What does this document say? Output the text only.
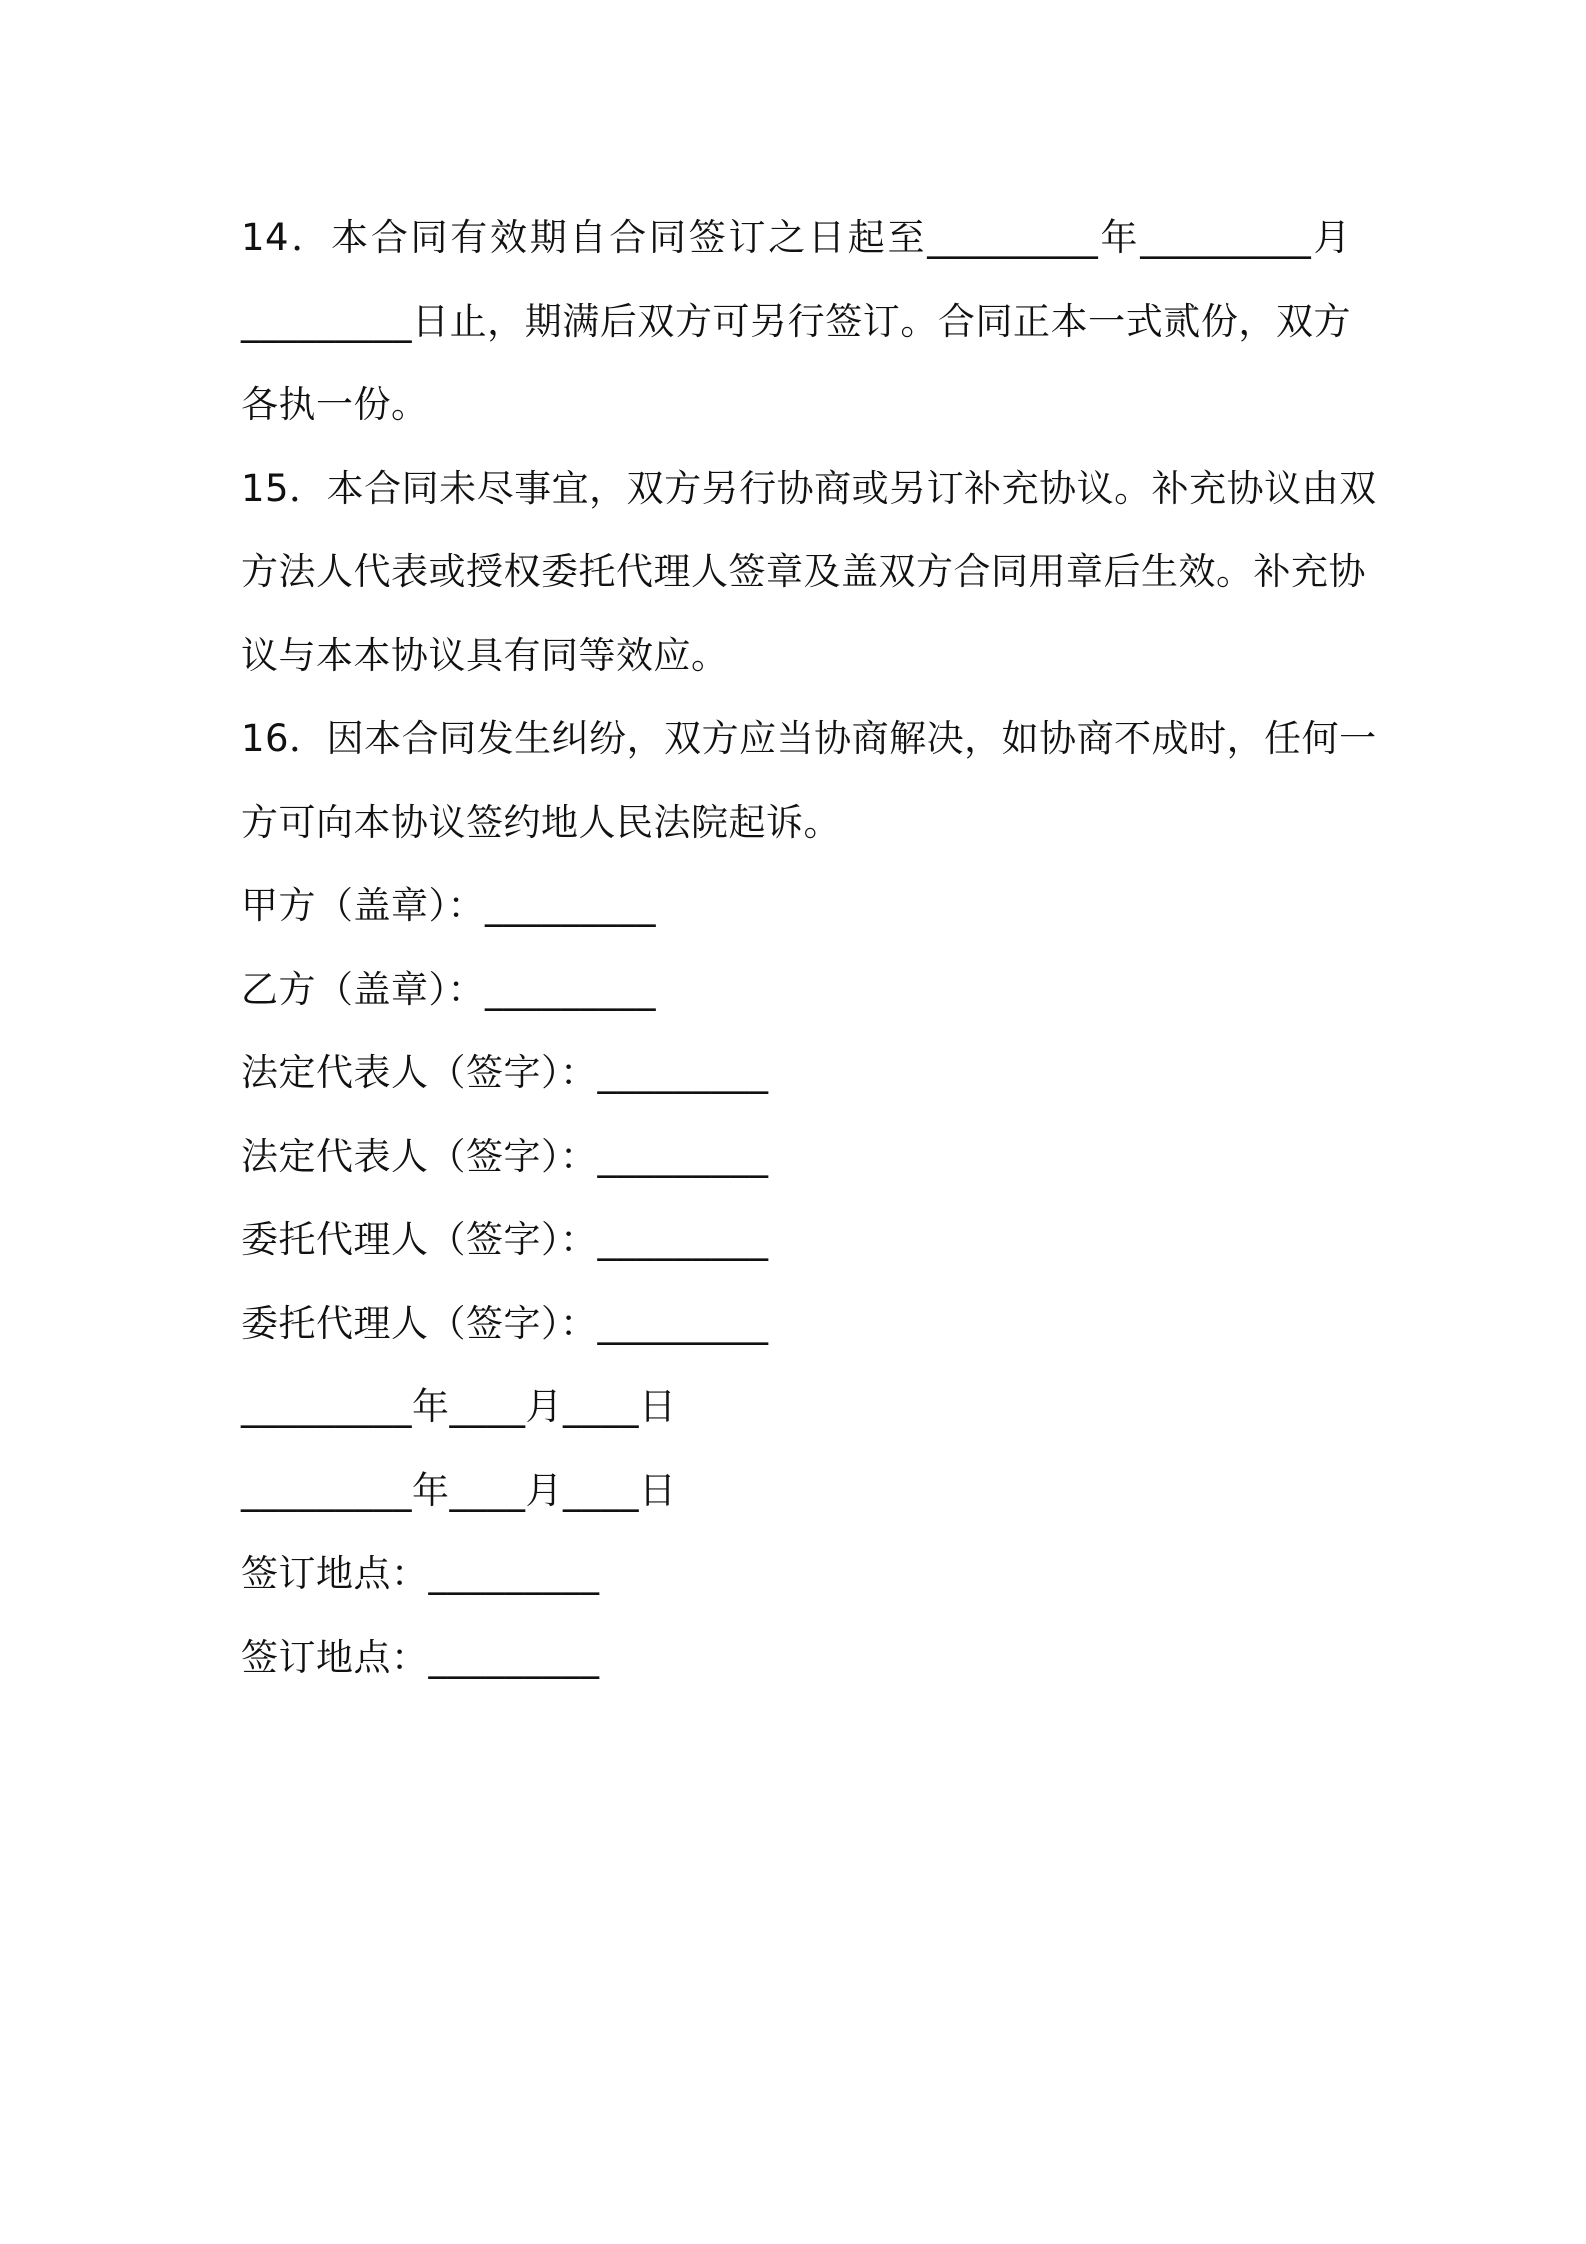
14．本合同有效期自合同签订之日起至_________年_________月
_________日止，期满后双方可另行签订。合同正本一式贰份，双方
各执一份。
15．本合同未尽事宜，双方另行协商或另订补充协议。补充协议由双
方法人代表或授权委托代理人签章及盖双方合同用章后生效。补充协
议与本本协议具有同等效应。
16．因本合同发生纠纷，双方应当协商解决，如协商不成时，任何一
方可向本协议签约地人民法院起诉。
甲方（盖章）：_________
乙方（盖章）：_________
法定代表人（签字）：_________
法定代表人（签字）：_________
委托代理人（签字）：_________
委托代理人（签字）：_________
_________年____月____日
_________年____月____日
签订地点：_________
签订地点：_________
